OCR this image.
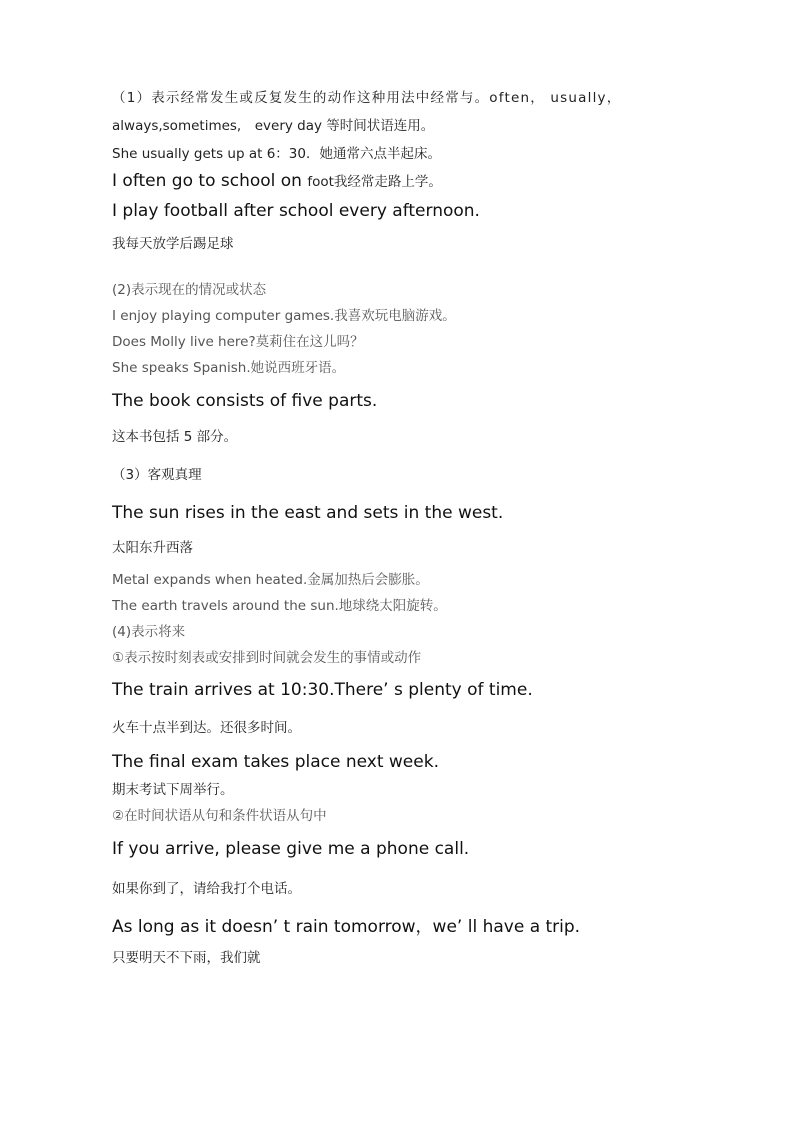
（1）表示经常发生或反复发生的动作这种用法中经常与。often， usually，
always,sometimes,　every day 等时间状语连用。
She usually gets up at 6：30．她通常六点半起床。
I often go to school on foot我经常走路上学。
I play football after school every afternoon.
我每天放学后踢足球
(2)表示现在的情况或状态
I enjoy playing computer games.我喜欢玩电脑游戏。
Does Molly live here?莫莉住在这儿吗？
She speaks Spanish.她说西班牙语。
The book consists of five parts.
这本书包括 5 部分。
（3）客观真理
The sun rises in the east and sets in the west.
太阳东升西落
Metal expands when heated.金属加热后会膨胀。
The earth travels around the sun.地球绕太阳旋转。
(4)表示将来
①表示按时刻表或安排到时间就会发生的事情或动作
The train arrives at 10:30.There’ s plenty of time.
火车十点半到达。还很多时间。
The final exam takes place next week.
期末考试下周举行。
②在时间状语从句和条件状语从句中
If you arrive, please give me a phone call.
如果你到了，请给我打个电话。
As long as it doesn’ t rain tomorrow，we’ ll have a trip.
只要明天不下雨，我们就
